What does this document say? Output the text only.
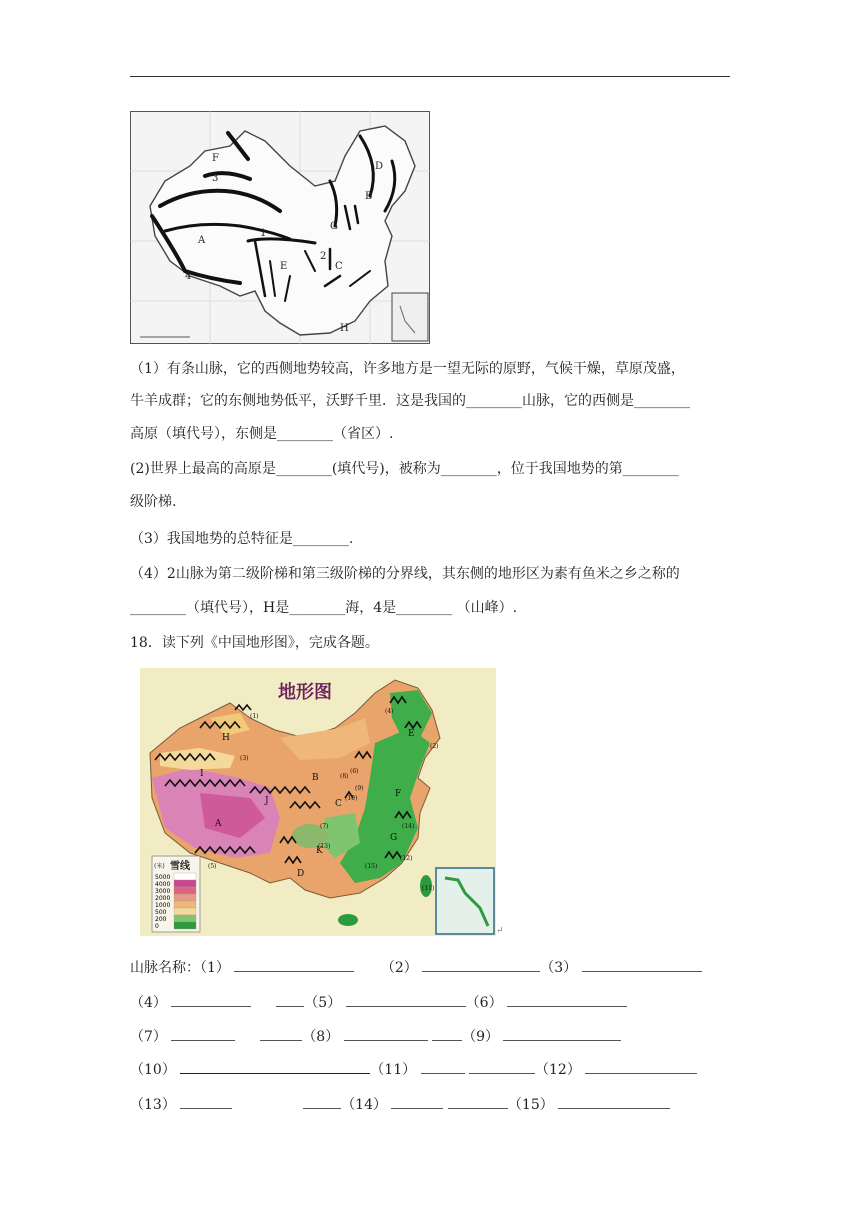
F
3
D
B
G
A
E
2
C
4
H
1
（1）有条山脉，它的西侧地势较高，许多地方是一望无际的原野，气候干燥，草原茂盛，
牛羊成群；它的东侧地势低平，沃野千里．这是我国的________山脉，它的西侧是________
高原（填代号），东侧是________（省区）.
(2)世界上最高的高原是________(填代号)，被称为________，位于我国地势的第________
级阶梯.
（3）我国地势的总特征是________.
（4）2山脉为第二级阶梯和第三级阶梯的分界线，其东侧的地形区为素有鱼米之乡之称的
________（填代号），H是________海，4是________ （山峰）.
18．读下列《中国地形图》，完成各题。
地形图
H
I	B
C
J
A
K
D
E
F
G
(1)
(2)
(3)
(4)
(5)
(6)
(7)
(8)
(9)
(10)
(11)
(12)
(13)
(14)
(15)
(米) 雪线
5000
4000
3000
2000
1000
500
200
0	↵
山脉名称：（1）	（2）	（3）
（4）	（5）	（6）
（7）	（8）	（9）
（10）	（11）	（12）
（13）	（14）	（15）
